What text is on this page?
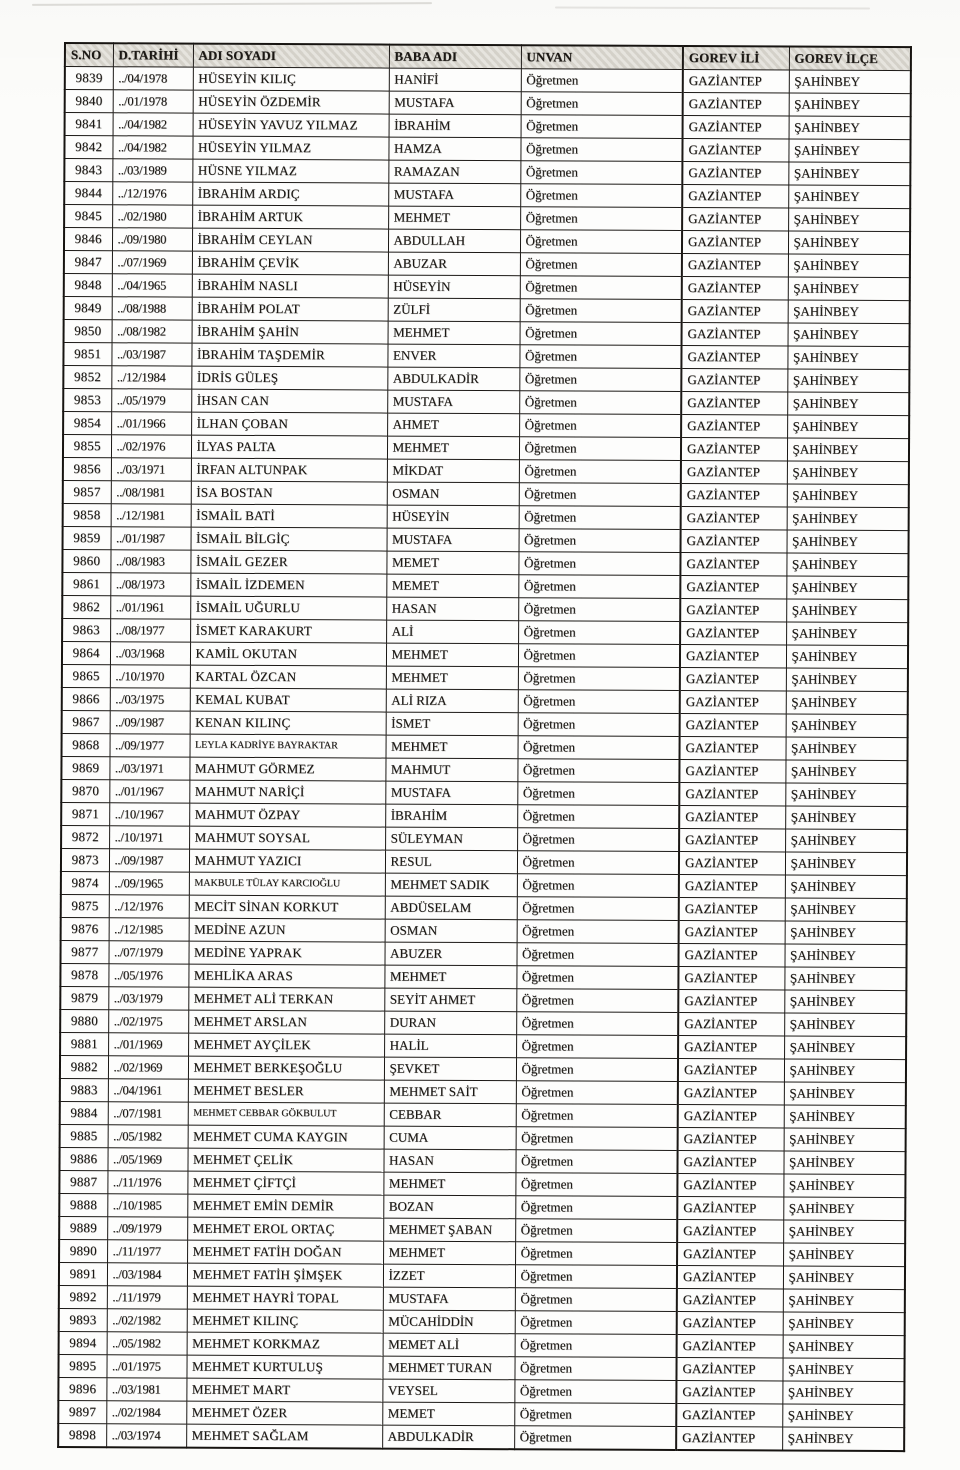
S.NO	D.TARİHİ	ADI SOYADI	BABA ADI	UNVAN	GOREV İLİ	GOREV İLÇE
9839	../04/1978	HÜSEYİN KILIÇ	HANİFİ	Öğretmen	GAZİANTEP	ŞAHİNBEY
9840	../01/1978	HÜSEYİN ÖZDEMİR	MUSTAFA	Öğretmen	GAZİANTEP	ŞAHİNBEY
9841	../04/1982	HÜSEYİN YAVUZ YILMAZ	İBRAHİM	Öğretmen	GAZİANTEP	ŞAHİNBEY
9842	../04/1982	HÜSEYİN YILMAZ	HAMZA	Öğretmen	GAZİANTEP	ŞAHİNBEY
9843	../03/1989	HÜSNE YILMAZ	RAMAZAN	Öğretmen	GAZİANTEP	ŞAHİNBEY
9844	../12/1976	İBRAHİM ARDIÇ	MUSTAFA	Öğretmen	GAZİANTEP	ŞAHİNBEY
9845	../02/1980	İBRAHİM ARTUK	MEHMET	Öğretmen	GAZİANTEP	ŞAHİNBEY
9846	../09/1980	İBRAHİM CEYLAN	ABDULLAH	Öğretmen	GAZİANTEP	ŞAHİNBEY
9847	../07/1969	İBRAHİM ÇEVİK	ABUZAR	Öğretmen	GAZİANTEP	ŞAHİNBEY
9848	../04/1965	İBRAHİM NASLI	HÜSEYİN	Öğretmen	GAZİANTEP	ŞAHİNBEY
9849	../08/1988	İBRAHİM POLAT	ZÜLFİ	Öğretmen	GAZİANTEP	ŞAHİNBEY
9850	../08/1982	İBRAHİM ŞAHİN	MEHMET	Öğretmen	GAZİANTEP	ŞAHİNBEY
9851	../03/1987	İBRAHİM TAŞDEMİR	ENVER	Öğretmen	GAZİANTEP	ŞAHİNBEY
9852	../12/1984	İDRİS GÜLEŞ	ABDULKADİR	Öğretmen	GAZİANTEP	ŞAHİNBEY
9853	../05/1979	İHSAN CAN	MUSTAFA	Öğretmen	GAZİANTEP	ŞAHİNBEY
9854	../01/1966	İLHAN ÇOBAN	AHMET	Öğretmen	GAZİANTEP	ŞAHİNBEY
9855	../02/1976	İLYAS PALTA	MEHMET	Öğretmen	GAZİANTEP	ŞAHİNBEY
9856	../03/1971	İRFAN ALTUNPAK	MİKDAT	Öğretmen	GAZİANTEP	ŞAHİNBEY
9857	../08/1981	İSA BOSTAN	OSMAN	Öğretmen	GAZİANTEP	ŞAHİNBEY
9858	../12/1981	İSMAİL BATİ	HÜSEYİN	Öğretmen	GAZİANTEP	ŞAHİNBEY
9859	../01/1987	İSMAİL BİLGİÇ	MUSTAFA	Öğretmen	GAZİANTEP	ŞAHİNBEY
9860	../08/1983	İSMAİL GEZER	MEMET	Öğretmen	GAZİANTEP	ŞAHİNBEY
9861	../08/1973	İSMAİL İZDEMEN	MEMET	Öğretmen	GAZİANTEP	ŞAHİNBEY
9862	../01/1961	İSMAİL UĞURLU	HASAN	Öğretmen	GAZİANTEP	ŞAHİNBEY
9863	../08/1977	İSMET KARAKURT	ALİ	Öğretmen	GAZİANTEP	ŞAHİNBEY
9864	../03/1968	KAMİL OKUTAN	MEHMET	Öğretmen	GAZİANTEP	ŞAHİNBEY
9865	../10/1970	KARTAL ÖZCAN	MEHMET	Öğretmen	GAZİANTEP	ŞAHİNBEY
9866	../03/1975	KEMAL KUBAT	ALİ RIZA	Öğretmen	GAZİANTEP	ŞAHİNBEY
9867	../09/1987	KENAN KILINÇ	İSMET	Öğretmen	GAZİANTEP	ŞAHİNBEY
9868	../09/1977	LEYLA KADRİYE BAYRAKTAR	MEHMET	Öğretmen	GAZİANTEP	ŞAHİNBEY
9869	../03/1971	MAHMUT GÖRMEZ	MAHMUT	Öğretmen	GAZİANTEP	ŞAHİNBEY
9870	../01/1967	MAHMUT NARİÇİ	MUSTAFA	Öğretmen	GAZİANTEP	ŞAHİNBEY
9871	../10/1967	MAHMUT ÖZPAY	İBRAHİM	Öğretmen	GAZİANTEP	ŞAHİNBEY
9872	../10/1971	MAHMUT SOYSAL	SÜLEYMAN	Öğretmen	GAZİANTEP	ŞAHİNBEY
9873	../09/1987	MAHMUT YAZICI	RESUL	Öğretmen	GAZİANTEP	ŞAHİNBEY
9874	../09/1965	MAKBULE TÜLAY KARCIOĞLU	MEHMET SADIK	Öğretmen	GAZİANTEP	ŞAHİNBEY
9875	../12/1976	MECİT SİNAN KORKUT	ABDÜSELAM	Öğretmen	GAZİANTEP	ŞAHİNBEY
9876	../12/1985	MEDİNE AZUN	OSMAN	Öğretmen	GAZİANTEP	ŞAHİNBEY
9877	../07/1979	MEDİNE YAPRAK	ABUZER	Öğretmen	GAZİANTEP	ŞAHİNBEY
9878	../05/1976	MEHLİKA ARAS	MEHMET	Öğretmen	GAZİANTEP	ŞAHİNBEY
9879	../03/1979	MEHMET ALİ TERKAN	SEYİT AHMET	Öğretmen	GAZİANTEP	ŞAHİNBEY
9880	../02/1975	MEHMET ARSLAN	DURAN	Öğretmen	GAZİANTEP	ŞAHİNBEY
9881	../01/1969	MEHMET AYÇİLEK	HALİL	Öğretmen	GAZİANTEP	ŞAHİNBEY
9882	../02/1969	MEHMET BERKEŞOĞLU	ŞEVKET	Öğretmen	GAZİANTEP	ŞAHİNBEY
9883	../04/1961	MEHMET BESLER	MEHMET SAİT	Öğretmen	GAZİANTEP	ŞAHİNBEY
9884	../07/1981	MEHMET CEBBAR GÖKBULUT	CEBBAR	Öğretmen	GAZİANTEP	ŞAHİNBEY
9885	../05/1982	MEHMET CUMA KAYGIN	CUMA	Öğretmen	GAZİANTEP	ŞAHİNBEY
9886	../05/1969	MEHMET ÇELİK	HASAN	Öğretmen	GAZİANTEP	ŞAHİNBEY
9887	../11/1976	MEHMET ÇİFTÇİ	MEHMET	Öğretmen	GAZİANTEP	ŞAHİNBEY
9888	../10/1985	MEHMET EMİN DEMİR	BOZAN	Öğretmen	GAZİANTEP	ŞAHİNBEY
9889	../09/1979	MEHMET EROL ORTAÇ	MEHMET ŞABAN	Öğretmen	GAZİANTEP	ŞAHİNBEY
9890	../11/1977	MEHMET FATİH DOĞAN	MEHMET	Öğretmen	GAZİANTEP	ŞAHİNBEY
9891	../03/1984	MEHMET FATİH ŞİMŞEK	İZZET	Öğretmen	GAZİANTEP	ŞAHİNBEY
9892	../11/1979	MEHMET HAYRİ TOPAL	MUSTAFA	Öğretmen	GAZİANTEP	ŞAHİNBEY
9893	../02/1982	MEHMET KILINÇ	MÜCAHİDDİN	Öğretmen	GAZİANTEP	ŞAHİNBEY
9894	../05/1982	MEHMET KORKMAZ	MEMET ALİ	Öğretmen	GAZİANTEP	ŞAHİNBEY
9895	../01/1975	MEHMET KURTULUŞ	MEHMET TURAN	Öğretmen	GAZİANTEP	ŞAHİNBEY
9896	../03/1981	MEHMET MART	VEYSEL	Öğretmen	GAZİANTEP	ŞAHİNBEY
9897	../02/1984	MEHMET ÖZER	MEMET	Öğretmen	GAZİANTEP	ŞAHİNBEY
9898	../03/1974	MEHMET SAĞLAM	ABDULKADİR	Öğretmen	GAZİANTEP	ŞAHİNBEY
